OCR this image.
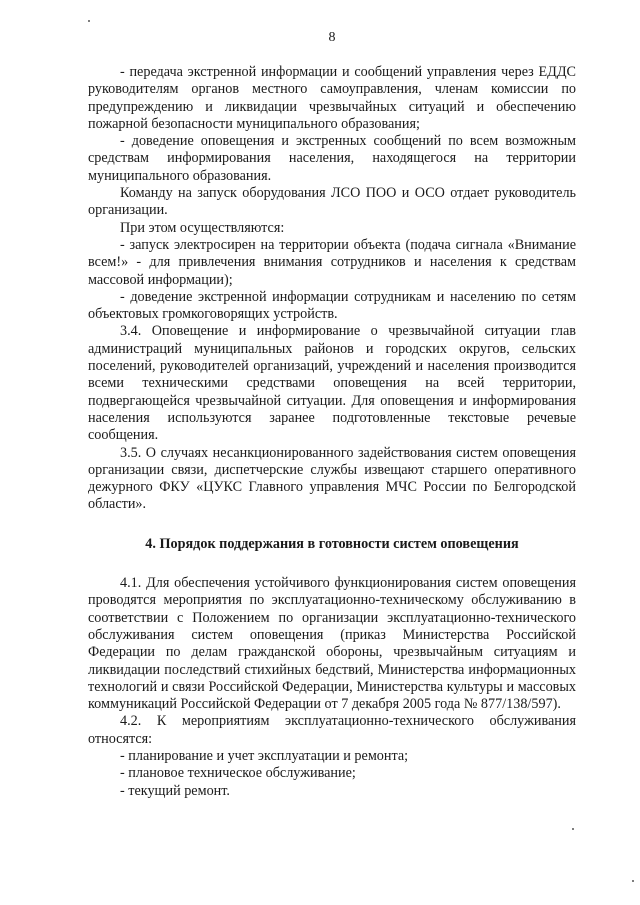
8

- передача экстренной информации и сообщений управления через ЕДДС руководителям органов местного самоуправления, членам комиссии по предупреждению и ликвидации чрезвычайных ситуаций и обеспечению пожарной безопасности муниципального образования;

- доведение оповещения и экстренных сообщений по всем возможным средствам информирования населения, находящегося на территории муниципального образования.

Команду на запуск оборудования ЛСО ПОО и ОСО отдает руководитель организации.

При этом осуществляются:

- запуск электросирен на территории объекта (подача сигнала «Внимание всем!» - для привлечения внимания сотрудников и населения к средствам массовой информации);

- доведение экстренной информации сотрудникам и населению по сетям объектовых громкоговорящих устройств.

3.4. Оповещение и информирование о чрезвычайной ситуации глав администраций муниципальных районов и городских округов, сельских поселений, руководителей организаций, учреждений и населения производится всеми техническими средствами оповещения на всей территории, подвергающейся чрезвычайной ситуации. Для оповещения и информирования населения используются заранее подготовленные текстовые речевые сообщения.

3.5. О случаях несанкционированного задействования систем оповещения организации связи, диспетчерские службы извещают старшего оперативного дежурного ФКУ «ЦУКС Главного управления МЧС России по Белгородской области».

4. Порядок поддержания в готовности систем оповещения

4.1. Для обеспечения устойчивого функционирования систем оповещения проводятся мероприятия по эксплуатационно-техническому обслуживанию в соответствии с Положением по организации эксплуатационно-технического обслуживания систем оповещения (приказ Министерства Российской Федерации по делам гражданской обороны, чрезвычайным ситуациям и ликвидации последствий стихийных бедствий, Министерства информационных технологий и связи Российской Федерации, Министерства культуры и массовых коммуникаций Российской Федерации от 7 декабря 2005 года № 877/138/597).

4.2. К мероприятиям эксплуатационно-технического обслуживания относятся:

- планирование и учет эксплуатации и ремонта;

- плановое техническое обслуживание;

- текущий ремонт.
